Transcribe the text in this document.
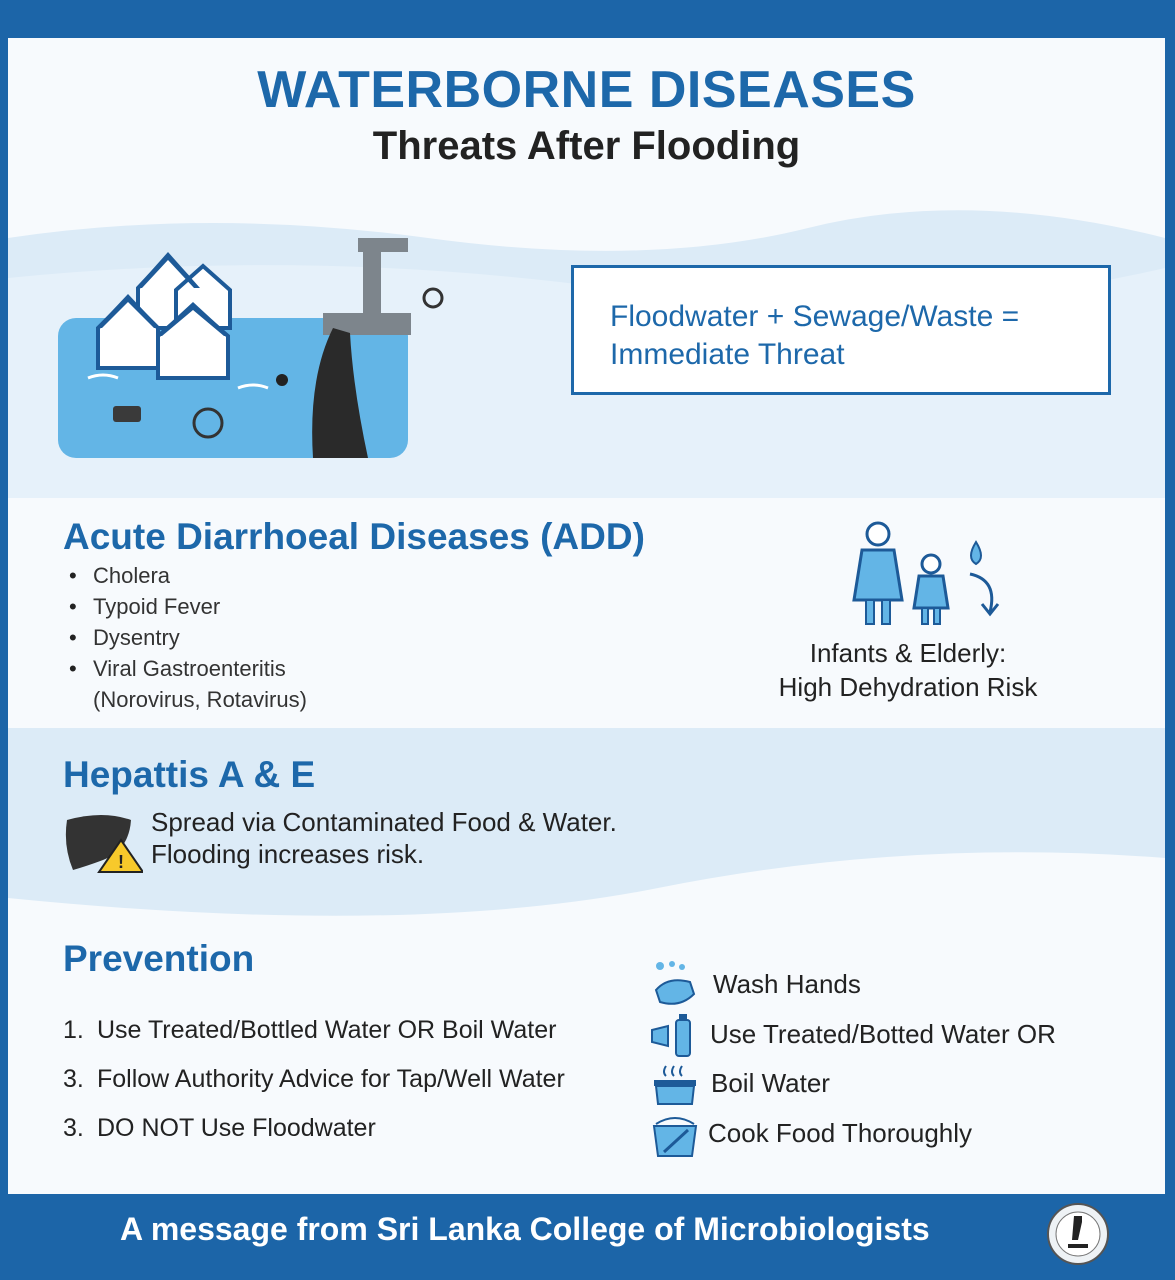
WATERBORNE DISEASES
Threats After Flooding
Floodwater + Sewage/Waste =
Immediate Threat
Acute Diarrhoeal Diseases (ADD)
• Cholera
• Typoid Fever
• Dysentry
• Viral Gastroenteritis
(Norovirus, Rotavirus)
Infants & Elderly:
High Dehydration Risk
Hepattis A & E
!
Spread via Contaminated Food & Water.
Flooding increases risk.
Prevention
1. Use Treated/Bottled Water OR Boil Water
3. Follow Authority Advice for Tap/Well Water
3. DO NOT Use Floodwater
Wash Hands
Use Treated/Botted Water OR
Boil Water
Cook Food Thoroughly
A message from Sri Lanka College of Microbiologists
